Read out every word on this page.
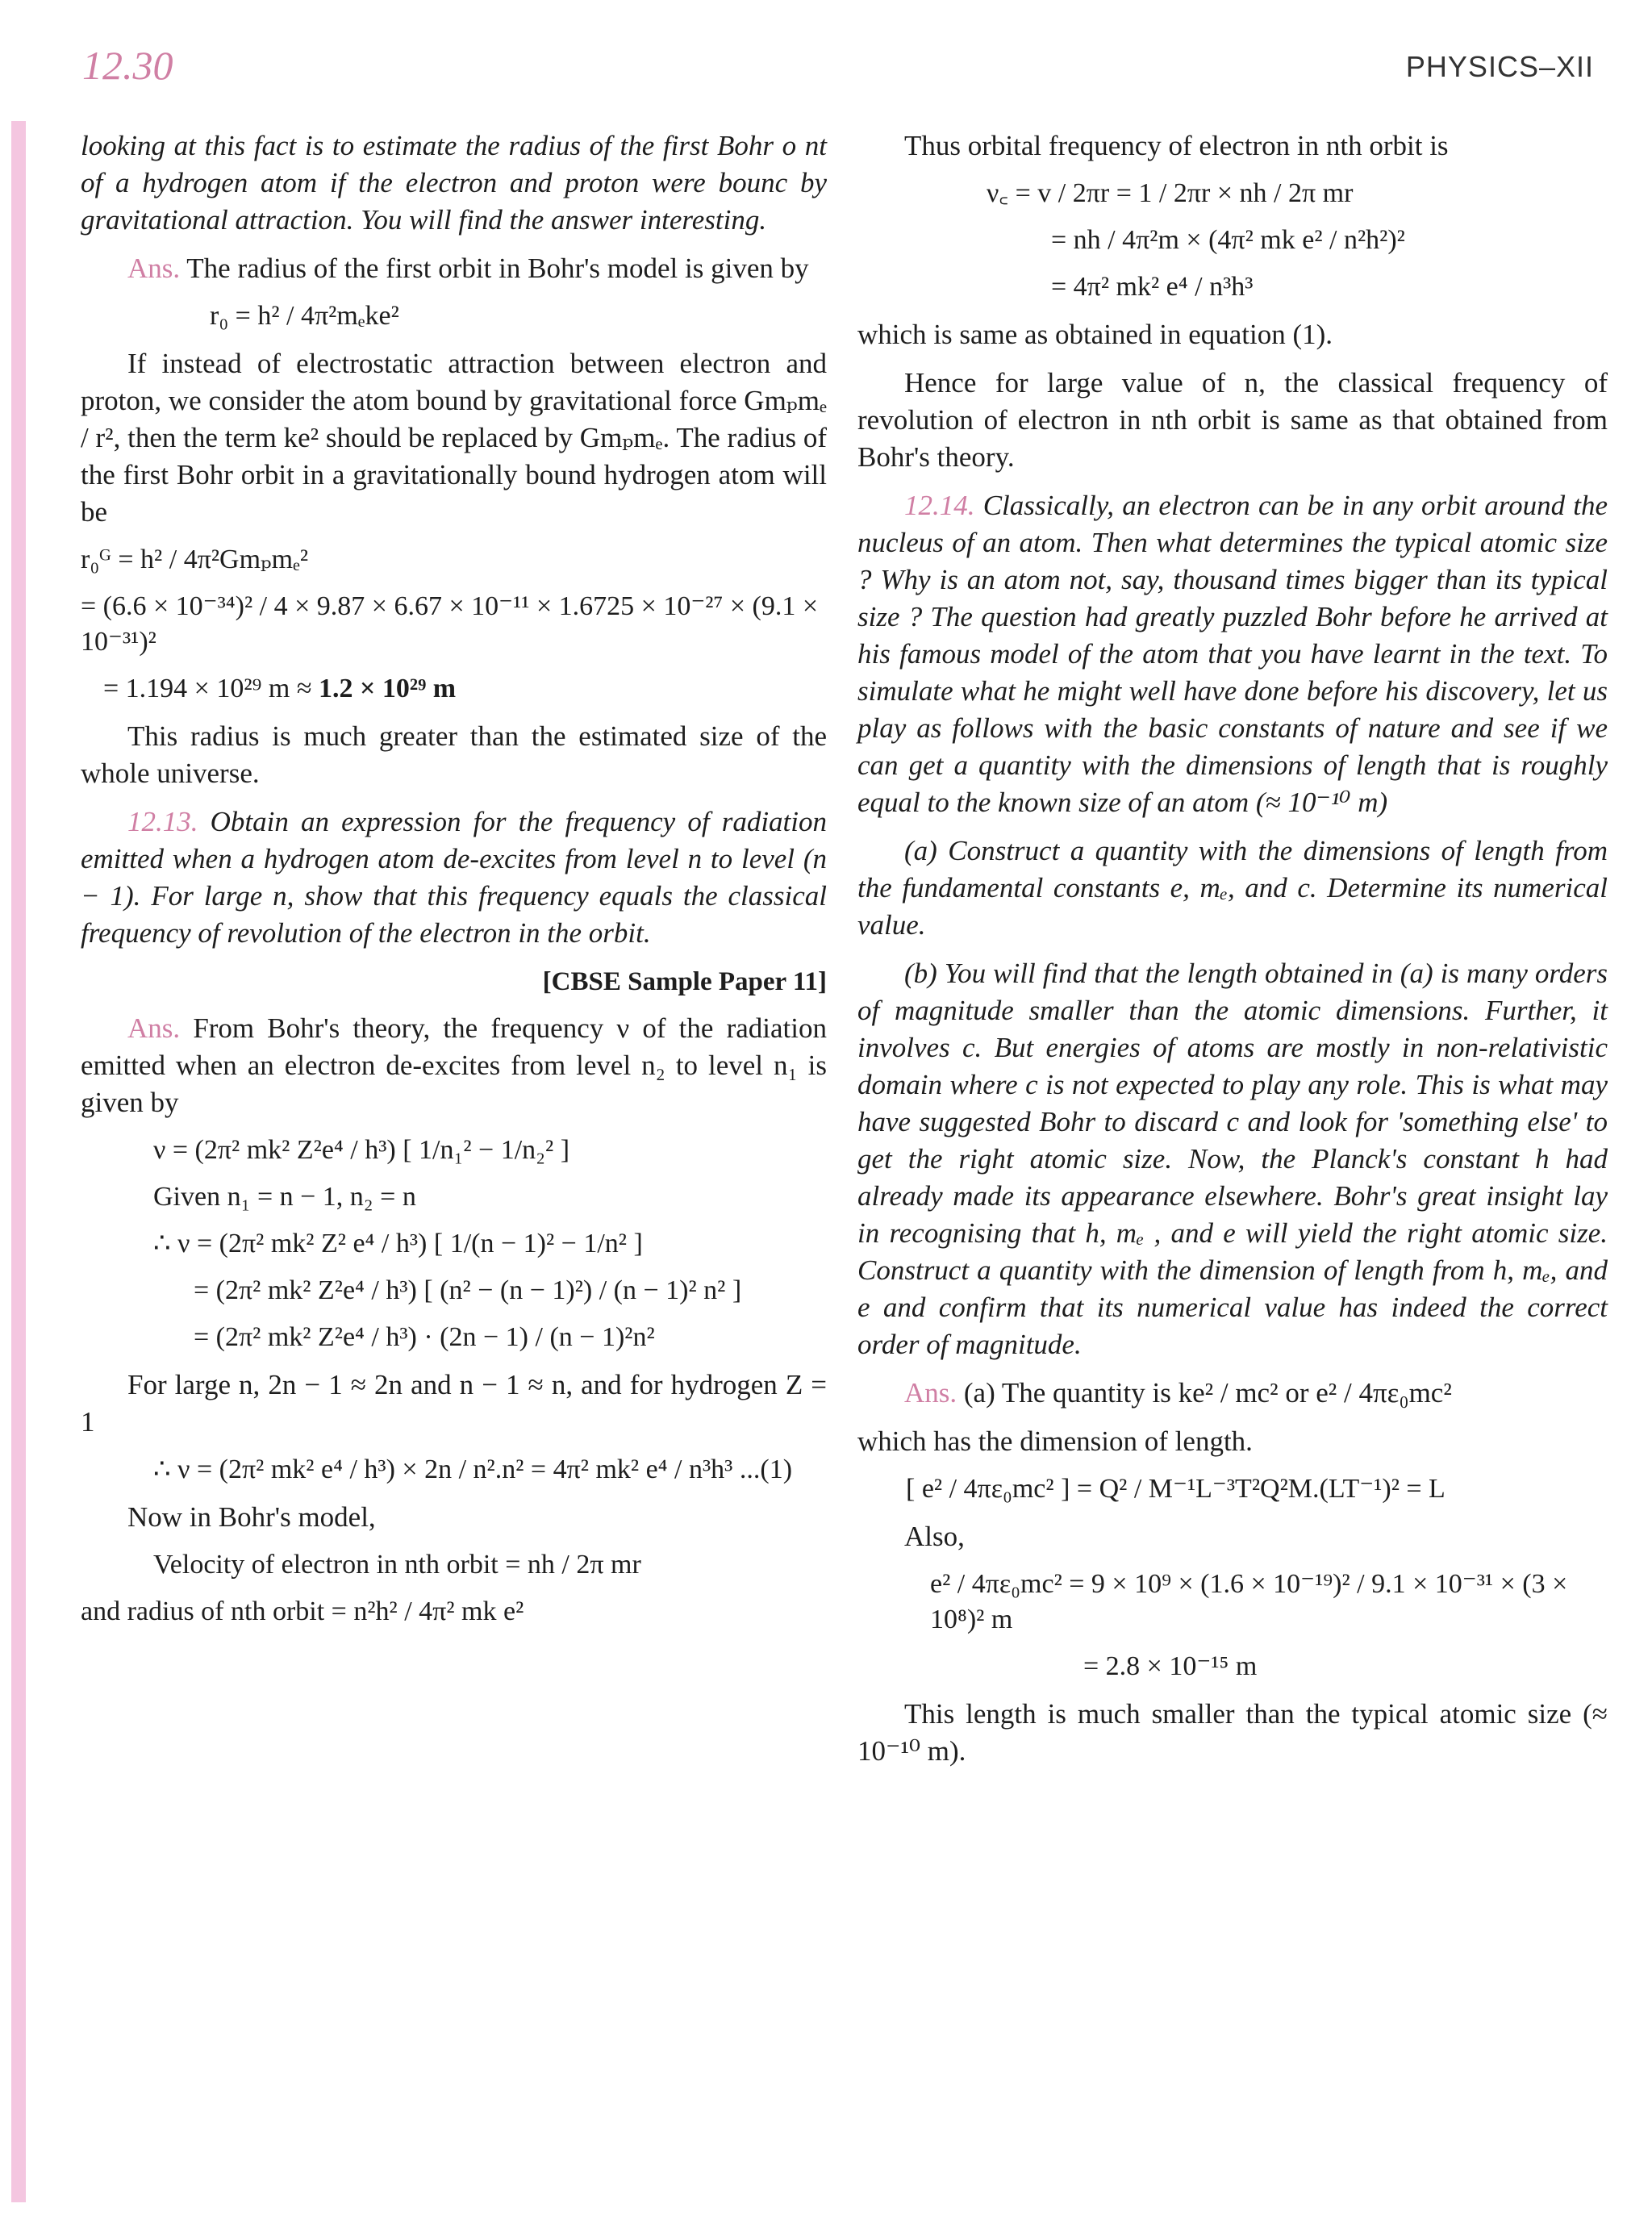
12.30	PHYSICS–XII

looking at this fact is to estimate the radius of the first Bohr o nt of a hydrogen atom if the electron and proton were bounc by gravitational attraction. You will find the answer interesting.

Ans. The radius of the first orbit in Bohr's model is given by

r₀ = h² / 4π²mₑke²

If instead of electrostatic attraction between electron and proton, we consider the atom bound by gravitational force Gmₚmₑ / r², then the term ke² should be replaced by Gmₚmₑ. The radius of the first Bohr orbit in a gravitationally bound hydrogen atom will be

r₀ᴳ = h² / 4π²Gmₚmₑ²
= (6.6 × 10⁻³⁴)² / 4 × 9.87 × 6.67 × 10⁻¹¹ × 1.6725 × 10⁻²⁷ × (9.1 × 10⁻³¹)²
= 1.194 × 10²⁹ m ≈ 1.2 × 10²⁹ m

This radius is much greater than the estimated size of the whole universe.

12.13. Obtain an expression for the frequency of radiation emitted when a hydrogen atom de-excites from level n to level (n − 1). For large n, show that this frequency equals the classical frequency of revolution of the electron in the orbit.

[CBSE Sample Paper 11]

Ans. From Bohr's theory, the frequency ν of the radiation emitted when an electron de-excites from level n₂ to level n₁ is given by

ν = (2π² mk² Z²e⁴ / h³) [ 1/n₁² − 1/n₂² ]
Given n₁ = n − 1, n₂ = n
∴ ν = (2π² mk² Z² e⁴ / h³) [ 1/(n − 1)² − 1/n² ]
= (2π² mk² Z²e⁴ / h³) [ (n² − (n − 1)²) / (n − 1)² n² ]
= (2π² mk² Z²e⁴ / h³) · (2n − 1) / (n − 1)²n²

For large n, 2n − 1 ≈ 2n and n − 1 ≈ n, and for hydrogen Z = 1

∴ ν = (2π² mk² e⁴ / h³) × 2n / n².n² = 4π² mk² e⁴ / n³h³ ...(1)

Now in Bohr's model,

Velocity of electron in nth orbit = nh / 2π mr
and radius of nth orbit = n²h² / 4π² mk e²

Thus orbital frequency of electron in nth orbit is

ν꜀ = v / 2πr = 1 / 2πr × nh / 2π mr
= nh / 4π²m × (4π² mk e² / n²h²)²
= 4π² mk² e⁴ / n³h³

which is same as obtained in equation (1).

Hence for large value of n, the classical frequency of revolution of electron in nth orbit is same as that obtained from Bohr's theory.

12.14. Classically, an electron can be in any orbit around the nucleus of an atom. Then what determines the typical atomic size ? Why is an atom not, say, thousand times bigger than its typical size ? The question had greatly puzzled Bohr before he arrived at his famous model of the atom that you have learnt in the text. To simulate what he might well have done before his discovery, let us play as follows with the basic constants of nature and see if we can get a quantity with the dimensions of length that is roughly equal to the known size of an atom (≈ 10⁻¹⁰ m)

(a) Construct a quantity with the dimensions of length from the fundamental constants e, mₑ, and c. Determine its numerical value.

(b) You will find that the length obtained in (a) is many orders of magnitude smaller than the atomic dimensions. Further, it involves c. But energies of atoms are mostly in non-relativistic domain where c is not expected to play any role. This is what may have suggested Bohr to discard c and look for 'something else' to get the right atomic size. Now, the Planck's constant h had already made its appearance elsewhere. Bohr's great insight lay in recognising that h, mₑ , and e will yield the right atomic size. Construct a quantity with the dimension of length from h, mₑ, and e and confirm that its numerical value has indeed the correct order of magnitude.

Ans. (a) The quantity is ke² / mc² or e² / 4πε₀mc²

which has the dimension of length.

[ e² / 4πε₀mc² ] = Q² / M⁻¹L⁻³T²Q²M.(LT⁻¹)² = L

Also,

e² / 4πε₀mc² = 9 × 10⁹ × (1.6 × 10⁻¹⁹)² / 9.1 × 10⁻³¹ × (3 × 10⁸)² m
= 2.8 × 10⁻¹⁵ m

This length is much smaller than the typical atomic size (≈ 10⁻¹⁰ m).
